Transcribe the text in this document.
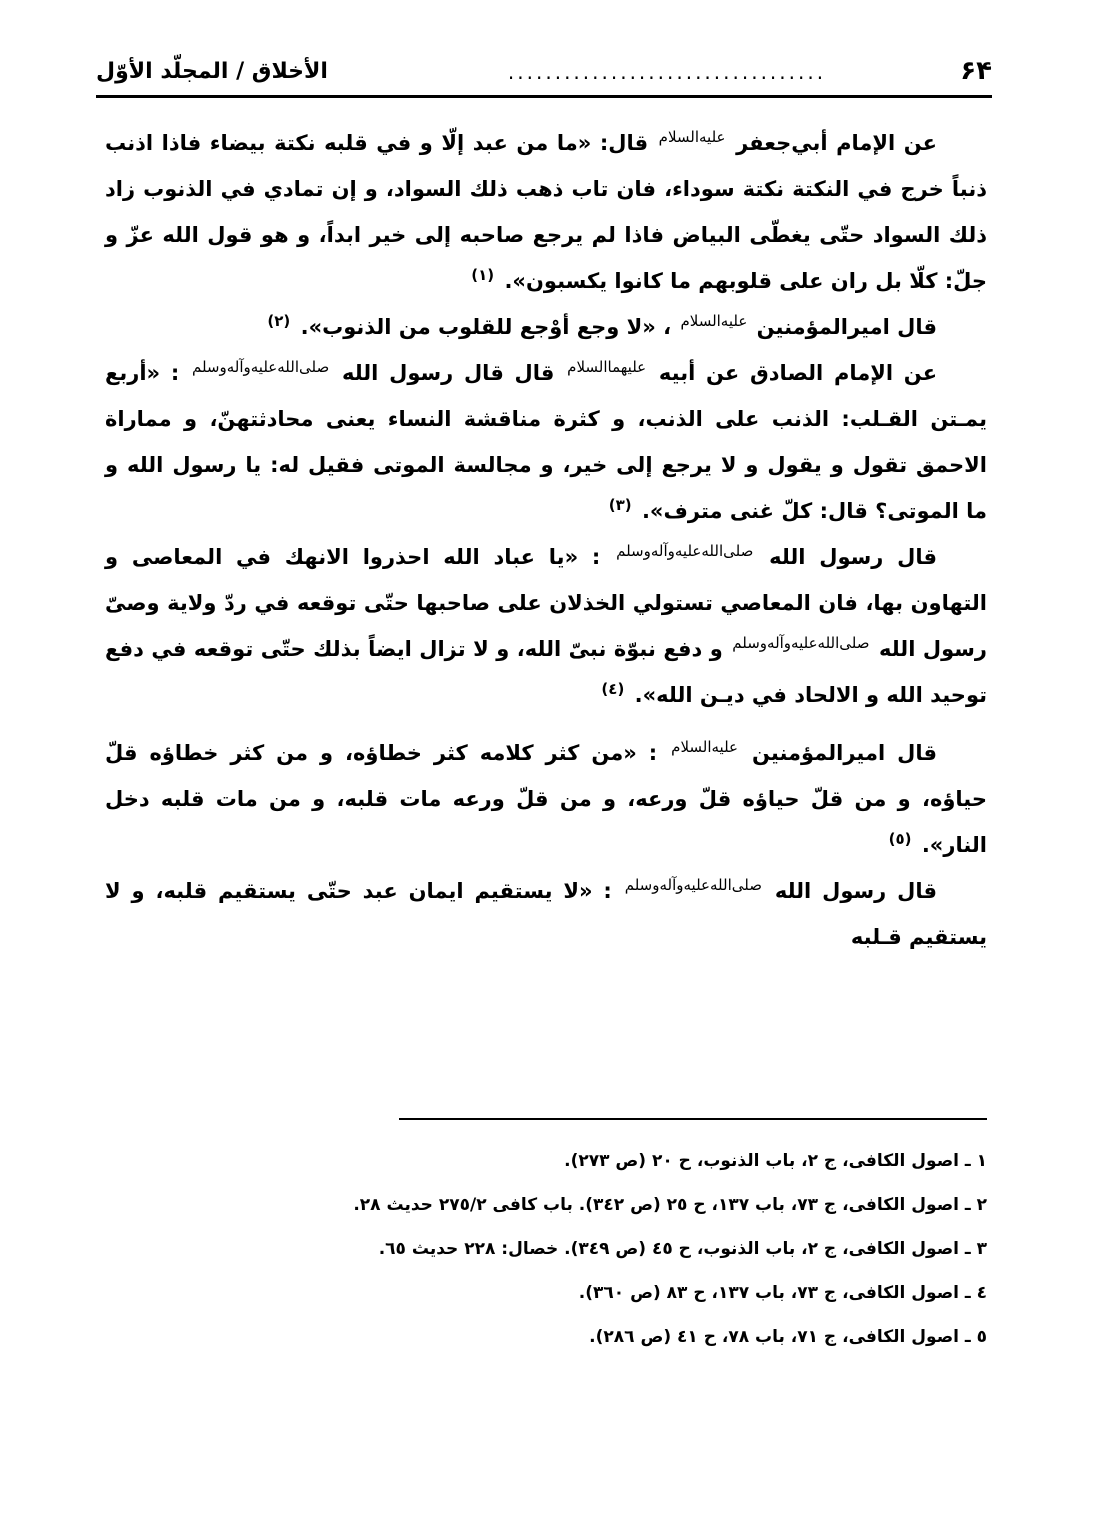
۶۴
..................................
الأخلاق / المجلّد الأوّل

عن الإمام أبي‌جعفر $^{عليه‌السلام}$ قال: «ما من عبد إلّا و في قلبه نكتة بيضاء فاذا اذنب ذنباً خرج في النكتة نكتة سوداء، فان تاب ذهب ذلك السواد، و إن تمادي في الذنوب زاد ذلك السواد حتّى يغطّى البياض فاذا لم يرجع صاحبه إلى خير ابداً، و هو قول الله عزّ و جلّ: كلّا بل ران على قلوبهم ما كانوا يكسبون». $^{(١)}$

قال اميرالمؤمنين $^{عليه‌السلام}$ ، «لا وجع أوْجع للقلوب من الذنوب». $^{(٢)}$

عن الإمام الصادق عن أبيه $^{عليهماالسلام}$ قال قال رسول الله $^{صلى‌الله‌عليه‌وآله‌وسلم}$ : «أربع يمـتن القـلب: الذنب على الذنب، و كثرة مناقشة النساء يعنى محادثتهنّ، و مماراة الاحمق تقول و يقول و لا يرجع إلى خير، و مجالسة الموتى فقيل له: يا رسول الله و ما الموتى؟ قال: كلّ غنى مترف». $^{(٣)}$

قال رسول الله $^{صلى‌الله‌عليه‌وآله‌وسلم}$ : «يا عباد الله احذروا الانهك في المعاصى و التهاون بها، فان المعاصي تستولي الخذلان على صاحبها حتّى توقعه في ردّ ولاية وصىّ رسول الله $^{صلى‌الله‌عليه‌وآله‌وسلم}$ و دفع نبوّة نبىّ الله، و لا تزال ايضاً بذلك حتّى توقعه في دفع توحيد الله و الالحاد في ديـن الله». $^{(٤)}$

قال اميرالمؤمنين $^{عليه‌السلام}$ : «من كثر كلامه كثر خطاؤه، و من كثر خطاؤه قلّ حياؤه، و من قلّ حياؤه قلّ ورعه، و من قلّ ورعه مات قلبه، و من مات قلبه دخل النار». $^{(٥)}$

قال رسول الله $^{صلى‌الله‌عليه‌وآله‌وسلم}$ : «لا يستقيم ايمان عبد حتّى يستقيم قلبه، و لا يستقيم قـلبه

١ ـ اصول الكافى، ج ٢، باب الذنوب، ح ٢٠ (ص ٢٧٣).
٢ ـ اصول الكافى، ج ٧٣، باب ١٣٧، ح ٢٥ (ص ٣٤٢). باب كافى ٢٧٥/٢ حديث ٢٨.
٣ ـ اصول الكافى، ج ٢، باب الذنوب، ح ٤٥ (ص ٣٤٩). خصال: ٢٢٨ حديث ٦٥.
٤ ـ اصول الكافى، ج ٧٣، باب ١٣٧، ح ٨٣ (ص ٣٦٠).
٥ ـ اصول الكافى، ج ٧١، باب ٧٨، ح ٤١ (ص ٢٨٦).
